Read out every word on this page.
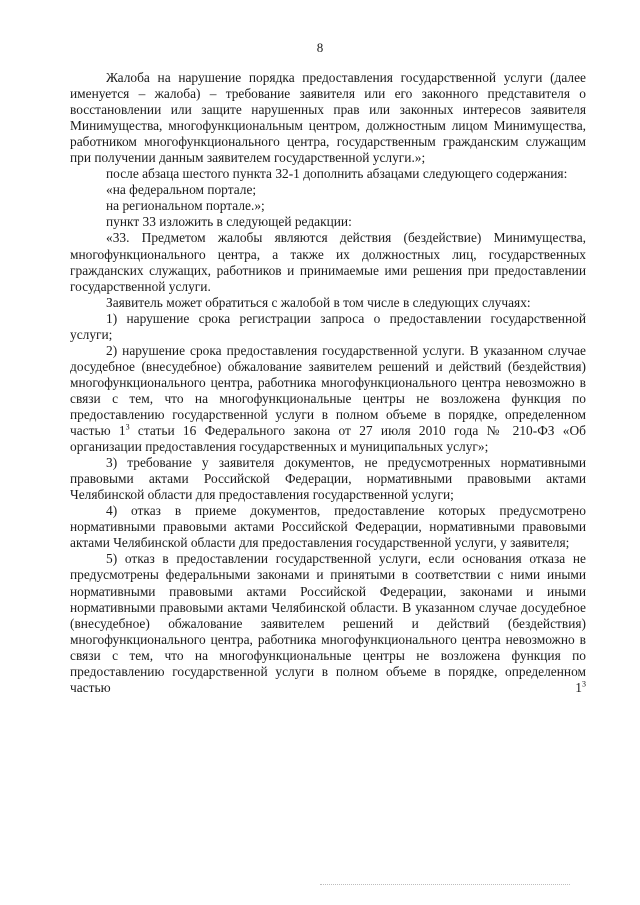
8

Жалоба на нарушение порядка предоставления государственной услуги (далее именуется – жалоба) – требование заявителя или его законного представителя о восстановлении или защите нарушенных прав или законных интересов заявителя Минимущества, многофункциональным центром, должностным лицом Минимущества, работником многофункционального центра, государственным гражданским служащим при получении данным заявителем государственной услуги.»;

после абзаца шестого пункта 32-1 дополнить абзацами следующего содержания:

«на федеральном портале;

на региональном портале.»;

пункт 33 изложить в следующей редакции:

«33. Предметом жалобы являются действия (бездействие) Минимущества, многофункционального центра, а также их должностных лиц, государственных гражданских служащих, работников и принимаемые ими решения при предоставлении государственной услуги.

Заявитель может обратиться с жалобой в том числе в следующих случаях:

1) нарушение срока регистрации запроса о предоставлении государственной услуги;

2) нарушение срока предоставления государственной услуги. В указанном случае досудебное (внесудебное) обжалование заявителем решений и действий (бездействия) многофункционального центра, работника многофункционального центра невозможно в связи с тем, что на многофункциональные центры не возложена функция по предоставлению государственной услуги в полном объеме в порядке, определенном частью $1^3$ статьи 16 Федерального закона от 27 июля 2010 года № 210-ФЗ «Об организации предоставления государственных и муниципальных услуг»;

3) требование у заявителя документов, не предусмотренных нормативными правовыми актами Российской Федерации, нормативными правовыми актами Челябинской области для предоставления государственной услуги;

4) отказ в приеме документов, предоставление которых предусмотрено нормативными правовыми актами Российской Федерации, нормативными правовыми актами Челябинской области для предоставления государственной услуги, у заявителя;

5) отказ в предоставлении государственной услуги, если основания отказа не предусмотрены федеральными законами и принятыми в соответствии с ними иными нормативными правовыми актами Российской Федерации, законами и иными нормативными правовыми актами Челябинской области. В указанном случае досудебное (внесудебное) обжалование заявителем решений и действий (бездействия) многофункционального центра, работника многофункционального центра невозможно в связи с тем, что на многофункциональные центры не возложена функция по предоставлению государственной услуги в полном объеме в порядке, определенном частью $1^3$
